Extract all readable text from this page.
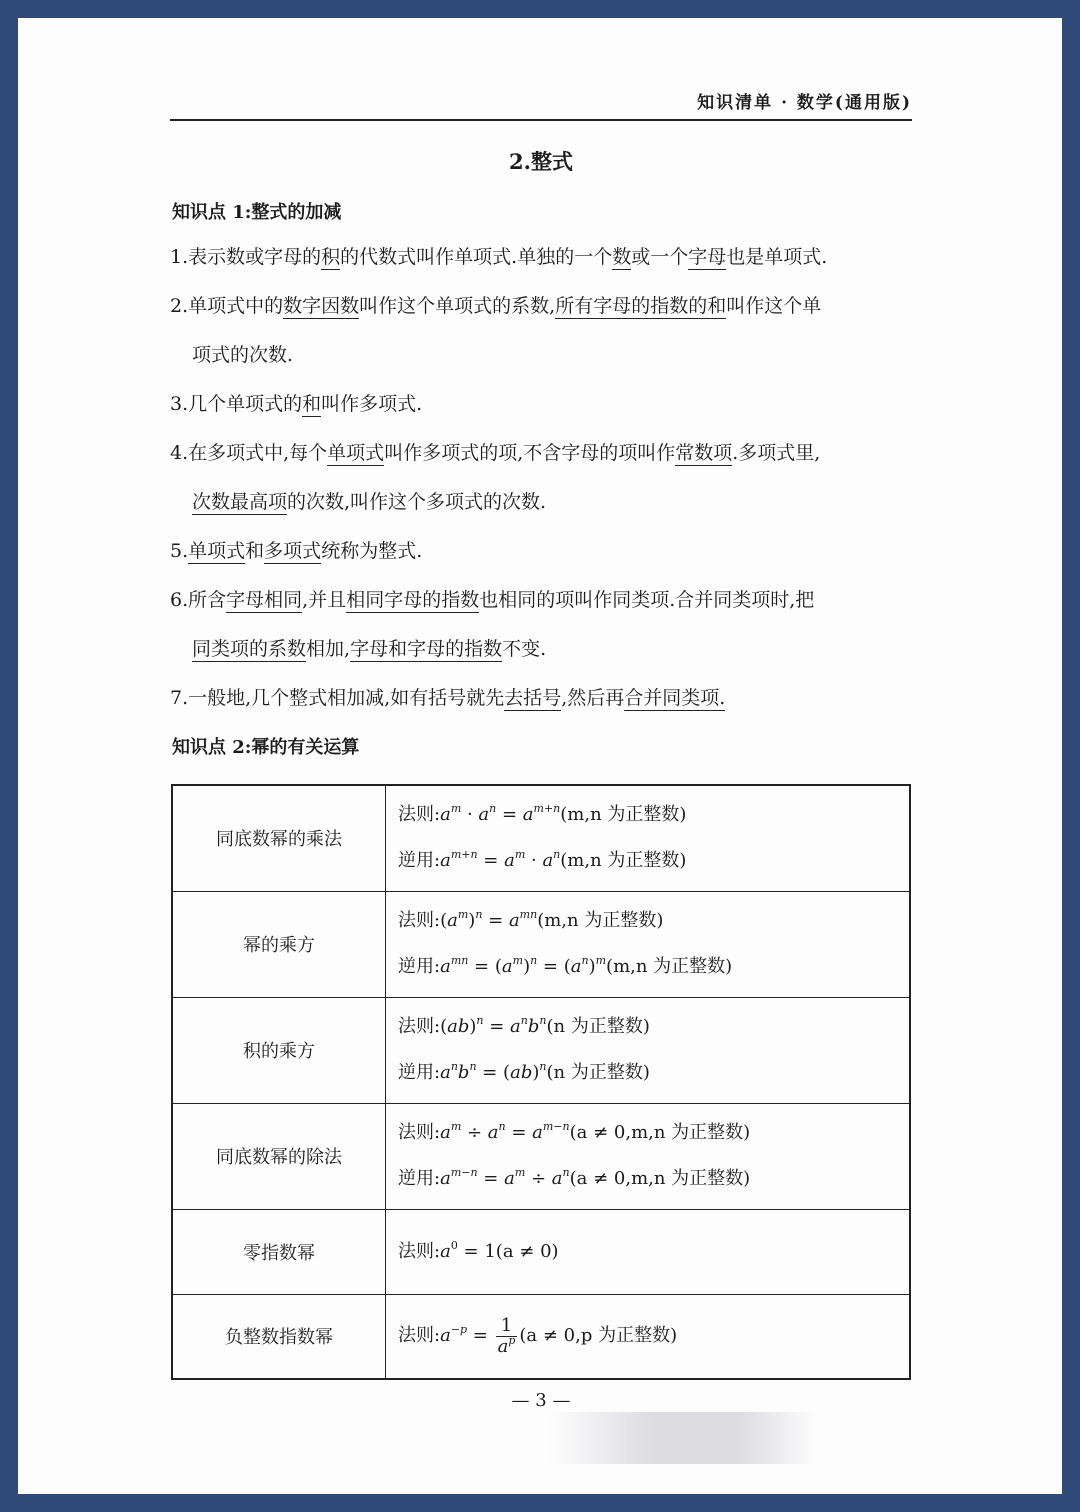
知识清单 · 数学(通用版)
2.整式
知识点 1:整式的加减
1.表示数或字母的积的代数式叫作单项式.单独的一个数或一个字母也是单项式.
2.单项式中的数字因数叫作这个单项式的系数,所有字母的指数的和叫作这个单
项式的次数.
3.几个单项式的和叫作多项式.
4.在多项式中,每个单项式叫作多项式的项,不含字母的项叫作常数项.多项式里,
次数最高项的次数,叫作这个多项式的次数.
5.单项式和多项式统称为整式.
6.所含字母相同,并且相同字母的指数也相同的项叫作同类项.合并同类项时,把
同类项的系数相加,字母和字母的指数不变.
7.一般地,几个整式相加减,如有括号就先去括号,然后再合并同类项.
知识点 2:幂的有关运算
同底数幂的乘法	法则$:a^m \cdot a^n = a^{m+n}(m,n$ 为正整数)
逆用$:a^{m+n} = a^m \cdot a^n(m,n$ 为正整数)

幂的乘方	法则$:(a^m)^n = a^{mn}(m,n$ 为正整数)
逆用$:a^{mn} = (a^m)^n = (a^n)^m(m,n$ 为正整数)

积的乘方	法则:(ab)$^n$ = $a^nb^n(n$ 为正整数)
逆用$:a^nb^n = (ab)^n(n$ 为正整数)

同底数幂的除法	法则$:a^m \div a^n = a^{m-n}(a \ne 0,m,n$ 为正整数)
逆用$:a^{m-n} = a^m \div a^n(a \ne 0,m,n$ 为正整数)

零指数幂	法则$:a^0 = 1(a \ne 0)$

负整数指数幂	法则$:a^{-p} = \frac{1}{a^p} (a \ne 0,p$ 为正整数)
— 3 —
